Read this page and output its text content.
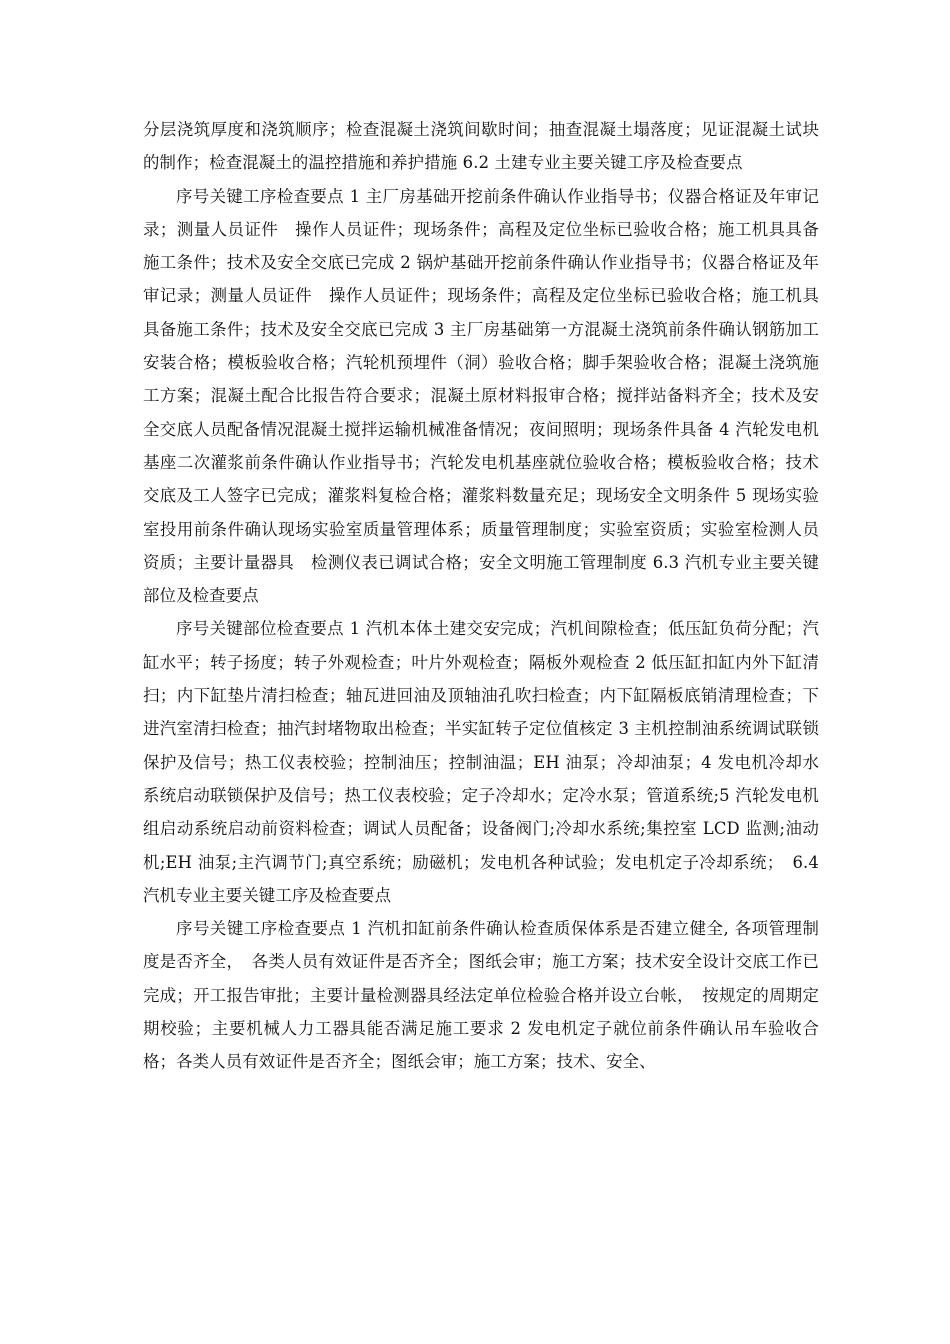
分层浇筑厚度和浇筑顺序；检查混凝土浇筑间歇时间；抽查混凝土塌落度；见证混凝土试块的制作；检查混凝土的温控措施和养护措施 6.2 土建专业主要关键工序及检查要点

序号关键工序检查要点 1 主厂房基础开挖前条件确认作业指导书；仪器合格证及年审记录；测量人员证件　操作人员证件；现场条件；高程及定位坐标已验收合格；施工机具具备施工条件；技术及安全交底已完成 2 锅炉基础开挖前条件确认作业指导书；仪器合格证及年审记录；测量人员证件　操作人员证件；现场条件；高程及定位坐标已验收合格；施工机具具备施工条件；技术及安全交底已完成 3 主厂房基础第一方混凝土浇筑前条件确认钢筋加工安装合格；模板验收合格；汽轮机预埋件（洞）验收合格；脚手架验收合格；混凝土浇筑施工方案；混凝土配合比报告符合要求；混凝土原材料报审合格；搅拌站备料齐全；技术及安全交底人员配备情况混凝土搅拌运输机械准备情况；夜间照明；现场条件具备 4 汽轮发电机基座二次灌浆前条件确认作业指导书；汽轮发电机基座就位验收合格；模板验收合格；技术交底及工人签字已完成；灌浆料复检合格；灌浆料数量充足；现场安全文明条件 5 现场实验室投用前条件确认现场实验室质量管理体系；质量管理制度；实验室资质；实验室检测人员资质；主要计量器具　检测仪表已调试合格；安全文明施工管理制度 6.3 汽机专业主要关键部位及检查要点

序号关键部位检查要点 1 汽机本体土建交安完成；汽机间隙检查；低压缸负荷分配；汽缸水平；转子扬度；转子外观检查；叶片外观检查；隔板外观检查 2 低压缸扣缸内外下缸清扫；内下缸垫片清扫检查；轴瓦进回油及顶轴油孔吹扫检查；内下缸隔板底销清理检查；下进汽室清扫检查；抽汽封堵物取出检查；半实缸转子定位值核定 3 主机控制油系统调试联锁保护及信号；热工仪表校验；控制油压；控制油温；EH 油泵；冷却油泵；4 发电机冷却水系统启动联锁保护及信号；热工仪表校验；定子冷却水；定冷水泵；管道系统;5 汽轮发电机组启动系统启动前资料检查；调试人员配备；设备阀门;冷却水系统;集控室 LCD 监测;油动机;EH 油泵;主汽调节门;真空系统；励磁机；发电机各种试验；发电机定子冷却系统；　6.4 汽机专业主要关键工序及检查要点

序号关键工序检查要点 1 汽机扣缸前条件确认检查质保体系是否建立健全, 各项管理制度是否齐全，　各类人员有效证件是否齐全；图纸会审；施工方案；技术安全设计交底工作已完成；开工报告审批；主要计量检测器具经法定单位检验合格并设立台帐，　按规定的周期定期校验；主要机械人力工器具能否满足施工要求 2 发电机定子就位前条件确认吊车验收合格；各类人员有效证件是否齐全；图纸会审；施工方案；技术、安全、
